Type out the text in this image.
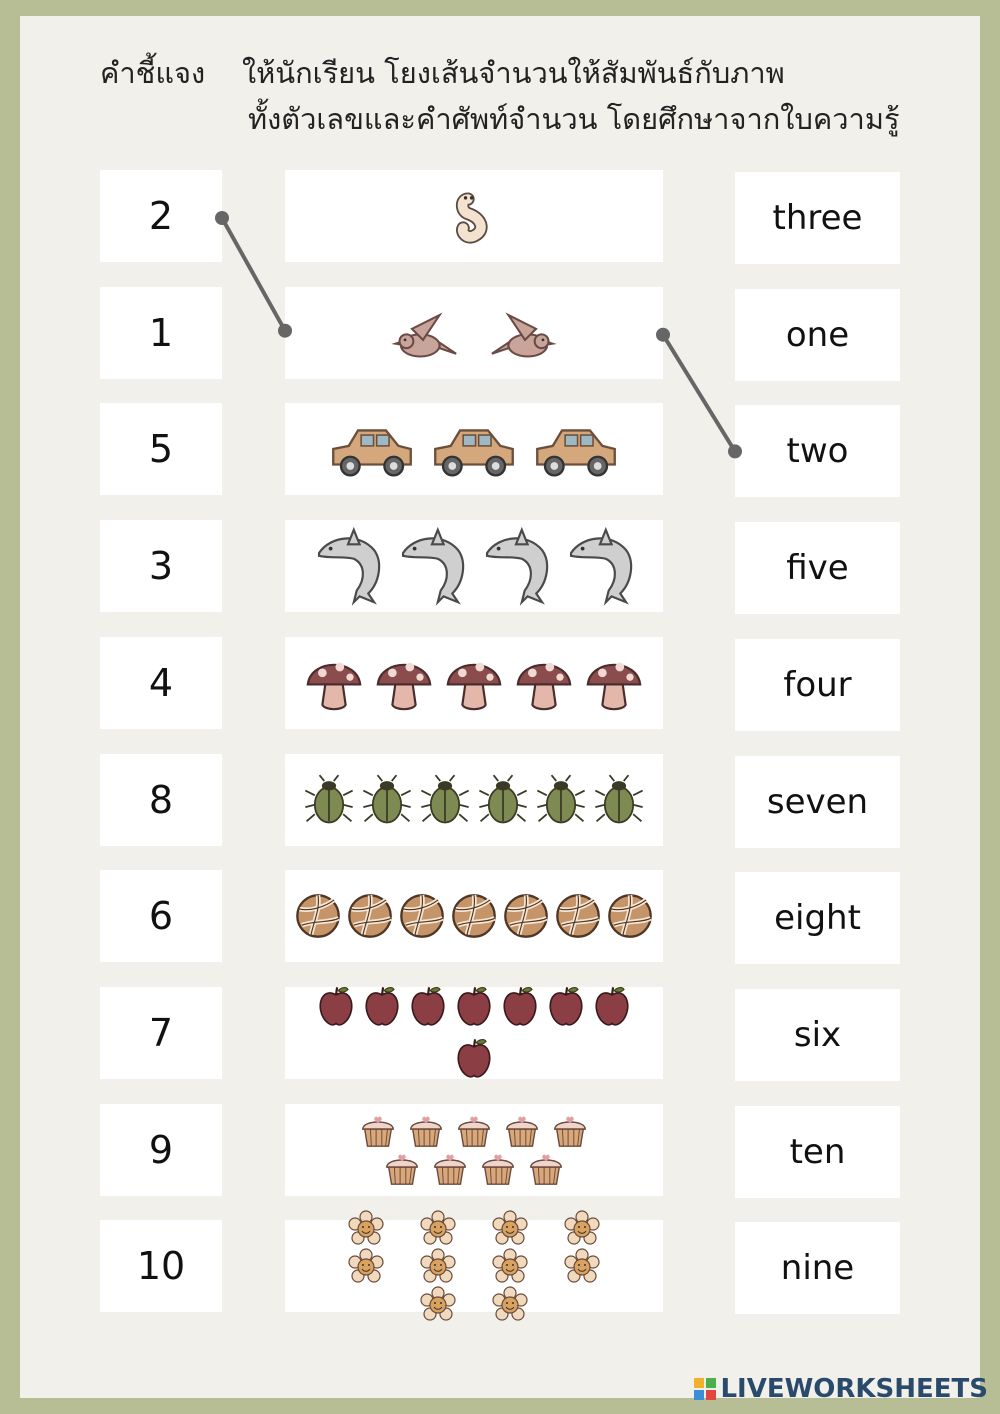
คำชี้แจง ให้นักเรียน โยงเส้นจำนวนให้สัมพันธ์กับภาพ
ทั้งตัวเลขและคำศัพท์จำนวน โดยศึกษาจากใบความรู้
2	three
1	one
5	two
3	five
4	four
8	seven
6	eight
7	six
9	ten
10	nine
LIVEWORKSHEETS
